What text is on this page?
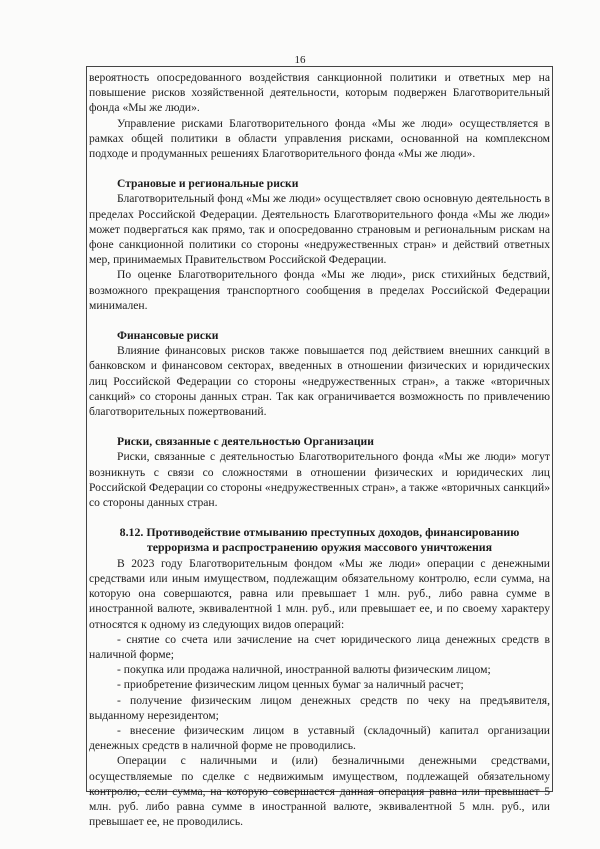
16

вероятность опосредованного воздействия санкционной политики и ответных мер на повышение рисков хозяйственной деятельности, которым подвержен Благотворительный фонда «Мы же люди».

Управление рисками Благотворительного фонда «Мы же люди» осуществляется в рамках общей политики в области управления рисками, основанной на комплексном подходе и продуманных решениях Благотворительного фонда «Мы же люди».

Страновые и региональные риски

Благотворительный фонд «Мы же люди» осуществляет свою основную деятельность в пределах Российской Федерации. Деятельность Благотворительного фонда «Мы же люди» может подвергаться как прямо, так и опосредованно страновым и региональным рискам на фоне санкционной политики со стороны «недружественных стран» и действий ответных мер, принимаемых Правительством Российской Федерации.

По оценке Благотворительного фонда «Мы же люди», риск стихийных бедствий, возможного прекращения транспортного сообщения в пределах Российской Федерации минимален.

Финансовые риски

Влияние финансовых рисков также повышается под действием внешних санкций в банковском и финансовом секторах, введенных в отношении физических и юридических лиц Российской Федерации со стороны «недружественных стран», а также «вторичных санкций» со стороны данных стран. Так как ограничивается возможность по привлечению благотворительных пожертвований.

Риски, связанные с деятельностью Организации

Риски, связанные с деятельностью Благотворительного фонда «Мы же люди» могут возникнуть с связи со сложностями в отношении физических и юридических лиц Российской Федерации со стороны «недружественных стран», а также «вторичных санкций» со стороны данных стран.

8.12. Противодействие отмыванию преступных доходов, финансированию терроризма и распространению оружия массового уничтожения

В 2023 году Благотворительным фондом «Мы же люди» операции с денежными средствами или иным имуществом, подлежащим обязательному контролю, если сумма, на которую она совершаются, равна или превышает 1 млн. руб., либо равна сумме в иностранной валюте, эквивалентной 1 млн. руб., или превышает ее, и по своему характеру относятся к одному из следующих видов операций:

- снятие со счета или зачисление на счет юридического лица денежных средств в наличной форме;

- покупка или продажа наличной, иностранной валюты физическим лицом;

- приобретение физическим лицом ценных бумаг за наличный расчет;

- получение физическим лицом денежных средств по чеку на предъявителя, выданному нерезидентом;

- внесение физическим лицом в уставный (складочный) капитал организации денежных средств в наличной форме не проводились.

Операции с наличными и (или) безналичными денежными средствами, осуществляемые по сделке с недвижимым имуществом, подлежащей обязательному контролю, если сумма, на которую совершается данная операция равна или превышает 5 млн. руб. либо равна сумме в иностранной валюте, эквивалентной 5 млн. руб., или превышает ее, не проводились.
